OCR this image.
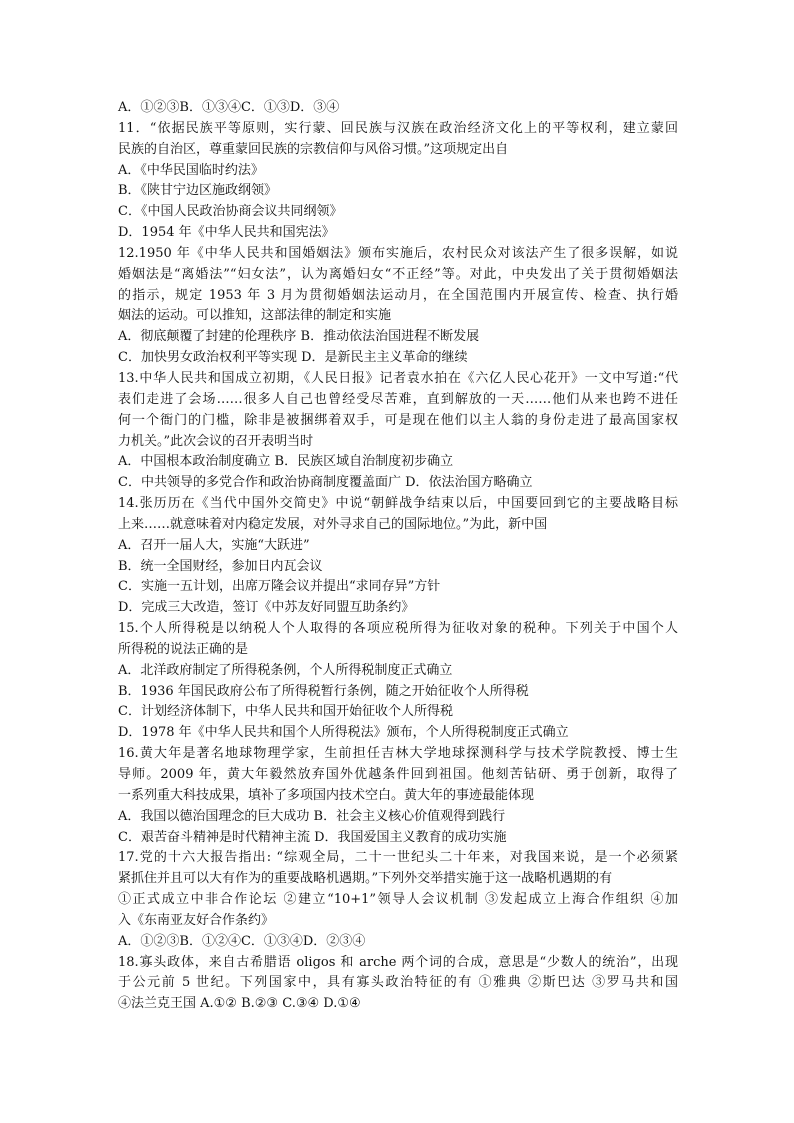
A．①②③B．①③④C．①③D．③④
11．“依据民族平等原则，实行蒙、回民族与汉族在政治经济文化上的平等权利，建立蒙回
民族的自治区，尊重蒙回民族的宗教信仰与风俗习惯。”这项规定出自
A．《中华民国临时约法》
B．《陕甘宁边区施政纲领》
C．《中国人民政治协商会议共同纲领》
D．1954 年《中华人民共和国宪法》
12.1950 年《中华人民共和国婚姻法》颁布实施后，农村民众对该法产生了很多误解，如说
婚姻法是“离婚法”“妇女法”，认为离婚妇女“不正经”等。对此，中央发出了关于贯彻婚姻法
的指示，规定 1953 年 3 月为贯彻婚姻法运动月，在全国范围内开展宣传、检查、执行婚
姻法的运动。可以推知，这部法律的制定和实施
A．彻底颠覆了封建的伦理秩序 B．推动依法治国进程不断发展
C．加快男女政治权利平等实现 D．是新民主主义革命的继续
13.中华人民共和国成立初期，《人民日报》记者袁水拍在《六亿人民心花开》一文中写道:“代
表们走进了会场……很多人自己也曾经受尽苦难，直到解放的一天……他们从来也跨不进任
何一个衙门的门槛，除非是被捆绑着双手，可是现在他们以主人翁的身份走进了最高国家权
力机关。”此次会议的召开表明当时
A．中国根本政治制度确立 B．民族区域自治制度初步确立
C．中共领导的多党合作和政治协商制度覆盖面广 D．依法治国方略确立
14.张历历在《当代中国外交简史》中说“朝鲜战争结束以后，中国要回到它的主要战略目标
上来……就意味着对内稳定发展，对外寻求自己的国际地位。”为此，新中国
A．召开一届人大，实施“大跃进”
B．统一全国财经，参加日内瓦会议
C．实施一五计划，出席万隆会议并提出“求同存异”方针
D．完成三大改造，签订《中苏友好同盟互助条约》
15.个人所得税是以纳税人个人取得的各项应税所得为征收对象的税种。下列关于中国个人
所得税的说法正确的是
A．北洋政府制定了所得税条例，个人所得税制度正式确立
B．1936 年国民政府公布了所得税暂行条例，随之开始征收个人所得税
C．计划经济体制下，中华人民共和国开始征收个人所得税
D．1978 年《中华人民共和国个人所得税法》颁布，个人所得税制度正式确立
16.黄大年是著名地球物理学家，生前担任吉林大学地球探测科学与技术学院教授、博士生
导师。2009 年，黄大年毅然放弃国外优越条件回到祖国。他刻苦钻研、勇于创新，取得了
一系列重大科技成果，填补了多项国内技术空白。黄大年的事迹最能体现
A．我国以德治国理念的巨大成功 B．社会主义核心价值观得到践行
C．艰苦奋斗精神是时代精神主流 D．我国爱国主义教育的成功实施
17.党的十六大报告指出: “综观全局，二十一世纪头二十年来，对我国来说，是一个必须紧
紧抓住并且可以大有作为的重要战略机遇期。”下列外交举措实施于这一战略机遇期的有
①正式成立中非合作论坛 ②建立“10+1”领导人会议机制 ③发起成立上海合作组织 ④加
入《东南亚友好合作条约》
A．①②③B．①②④C．①③④D．②③④
18.寡头政体，来自古希腊语 oligos 和 arche 两个词的合成，意思是“少数人的统治”，出现
于公元前 5 世纪。下列国家中，具有寡头政治特征的有 ①雅典 ②斯巴达 ③罗马共和国
④法兰克王国 A.①② B.②③ C.③④ D.①④
